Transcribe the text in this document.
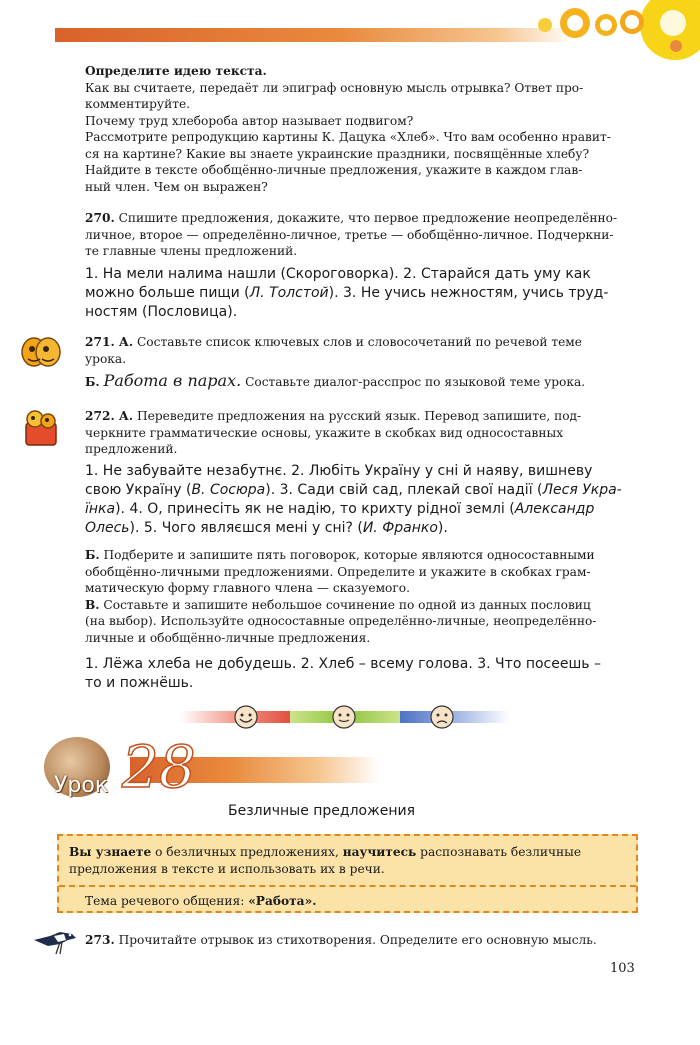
Определите идею текста.

Как вы считаете, передаёт ли эпиграф основную мысль отрывка? Ответ про-

комментируйте.

Почему труд хлебороба автор называет подвигом?

Рассмотрите репродукцию картины К. Дацука «Хлеб». Что вам особенно нравит-

ся на картине? Какие вы знаете украинские праздники, посвящённые хлебу?

Найдите в тексте обобщённо-личные предложения, укажите в каждом глав-

ный член. Чем он выражен?

270. Спишите предложения, докажите, что первое предложение неопределённо-

личное, второе — определённо-личное, третье — обобщённо-личное. Подчеркни-

те главные члены предложений.

1. На мели налима нашли (Скороговорка). 2. Старайся дать уму как

можно больше пищи (Л. Толстой). 3. Не учись нежностям, учись труд-

ностям (Пословица).

271. А. Составьте список ключевых слов и словосочетаний по речевой теме

урока.

Б. Работа в парах. Составьте диалог-расспрос по языковой теме урока.

272. А. Переведите предложения на русский язык. Перевод запишите, под-

черкните грамматические основы, укажите в скобках вид односоставных

предложений.

1. Не забувайте незабутнє. 2. Любіть Україну у сні й наяву, вишневу

свою Україну (В. Сосюра). 3. Сади свій сад, плекай свої надії (Леся Укра-

їнка). 4. О, принесіть як не надію, то крихту рідної землі (Александр

Олесь). 5. Чого являєшся мені у сні? (И. Франко).

Б. Подберите и запишите пять поговорок, которые являются односоставными

обобщённо-личными предложениями. Определите и укажите в скобках грам-

матическую форму главного члена — сказуемого.

В. Составьте и запишите небольшое сочинение по одной из данных пословиц

(на выбор). Используйте односоставные определённо-личные, неопределённо-

личные и обобщённо-личные предложения.

1. Лёжа хлеба не добудешь. 2. Хлеб – всему голова. 3. Что посеешь –

то и пожнёшь.

Урок 28
Безличные предложения

Вы узнаете о безличных предложениях, научитесь распознавать безличные

предложения в тексте и использовать их в речи.

Тема речевого общения: «Работа».

273. Прочитайте отрывок из стихотворения. Определите его основную мысль.

103
